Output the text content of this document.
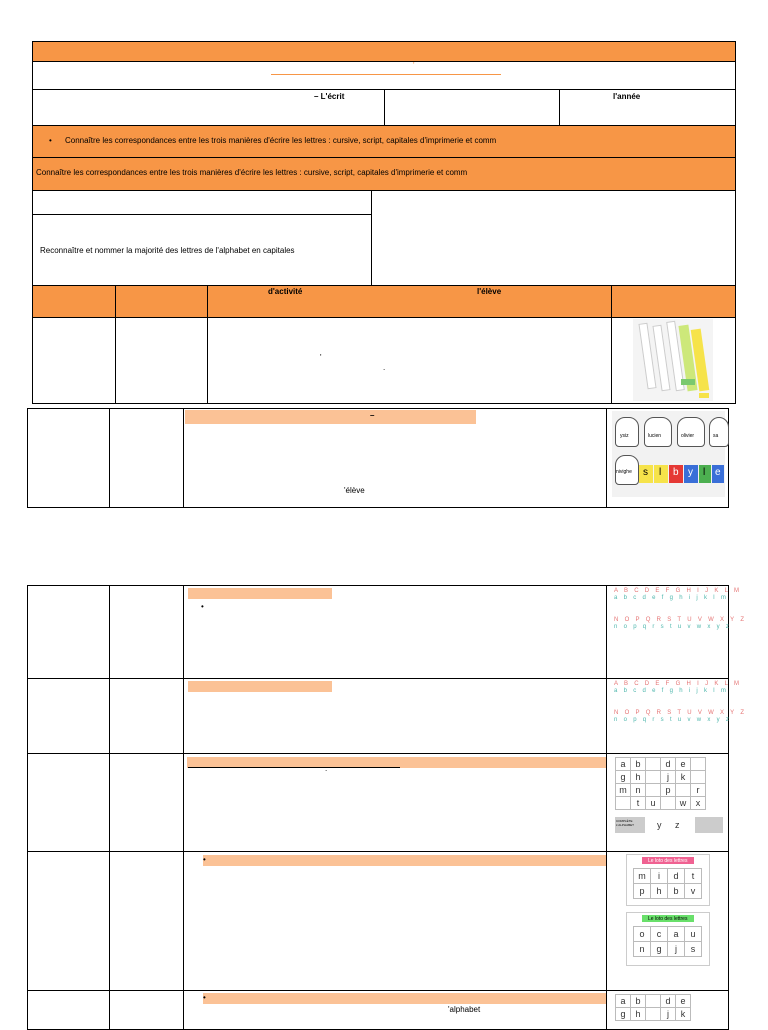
'
– L'écrit	l'année
• Connaître les correspondances entre les trois manières d'écrire les lettres : cursive, script, capitales d'imprimerie et comm
Connaître les correspondances entre les trois manières d'écrire les lettres : cursive, script, capitales d'imprimerie et comm
Reconnaître et nommer la majorité des lettres de l'alphabet en capitales
d'activité	l'élève
'
.
–
'élève
ysiz	lucien	olivier	sa
nivighe s l b y l e
•
A B C D E F G H I J K L M
a b c d e f g h i j k l m
N O P Q R S T U V W X Y Z
n o p q r s t u v w x y z
A B C D E F G H I J K L M
a b c d e f g h i j k l m
N O P Q R S T U V W X Y Z
n o p q r s t u v w x y z
.	a	b		d	e	
g	h		j	k	
m	n		p		r
	t	u		w	x
COMPLÈTE L'ALPHABET	y z
•	Le loto des lettres
m	i	d	t
p	h	b	v
Le loto des lettres
o	c	a	u
n	g	j	s
•
'alphabet
a	b		d	e
g	h		j	k
